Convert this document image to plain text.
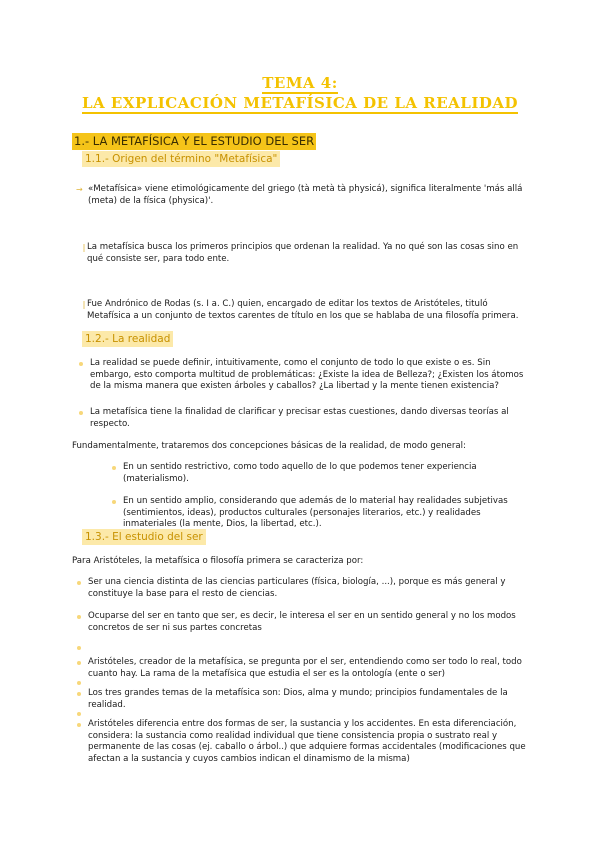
TEMA 4:
LA EXPLICACIÓN METAFÍSICA DE LA REALIDAD
1.- LA METAFÍSICA Y EL ESTUDIO DEL SER
1.1.- Origen del término "Metafísica"
→ «Metafísica» viene etimológicamente del griego (tà metà tà physicá), significa literalmente 'más allá (meta) de la física (physica)'.

La metafísica busca los primeros principios que ordenan la realidad. Ya no qué son las cosas sino en qué consiste ser, para todo ente.

Fue Andrónico de Rodas (s. I a. C.) quien, encargado de editar los textos de Aristóteles, tituló Metafísica a un conjunto de textos carentes de título en los que se hablaba de una filosofía primera.

1.2.- La realidad

La realidad se puede definir, intuitivamente, como el conjunto de todo lo que existe o es. Sin embargo, esto comporta multitud de problemáticas: ¿Existe la idea de Belleza?; ¿Existen los átomos de la misma manera que existen árboles y caballos? ¿La libertad y la mente tienen existencia?

La metafísica tiene la finalidad de clarificar y precisar estas cuestiones, dando diversas teorías al respecto.

Fundamentalmente, trataremos dos concepciones básicas de la realidad, de modo general:

En un sentido restrictivo, como todo aquello de lo que podemos tener experiencia (materialismo).

En un sentido amplio, considerando que además de lo material hay realidades subjetivas (sentimientos, ideas), productos culturales (personajes literarios, etc.) y realidades inmateriales (la mente, Dios, la libertad, etc.).

1.3.- El estudio del ser

Para Aristóteles, la metafísica o filosofía primera se caracteriza por:

Ser una ciencia distinta de las ciencias particulares (física, biología, ...), porque es más general y constituye la base para el resto de ciencias.

Ocuparse del ser en tanto que ser, es decir, le interesa el ser en un sentido general y no los modos concretos de ser ni sus partes concretas

Aristóteles, creador de la metafísica, se pregunta por el ser, entendiendo como ser todo lo real, todo cuanto hay. La rama de la metafísica que estudia el ser es la ontología (ente o ser)

Los tres grandes temas de la metafísica son: Dios, alma y mundo; principios fundamentales de la realidad.

Aristóteles diferencia entre dos formas de ser, la sustancia y los accidentes. En esta diferenciación, considera: la sustancia como realidad individual que tiene consistencia propia o sustrato real y permanente de las cosas (ej. caballo o árbol..) que adquiere formas accidentales (modificaciones que afectan a la sustancia y cuyos cambios indican el dinamismo de la misma)
